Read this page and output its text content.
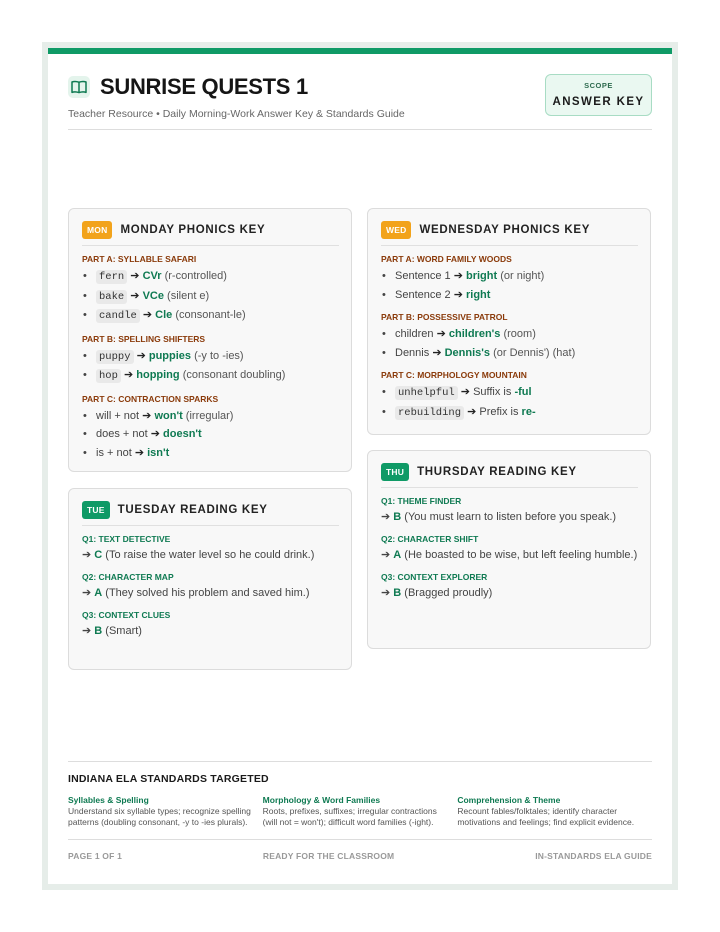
SUNRISE QUESTS 1
Teacher Resource • Daily Morning-Work Answer Key & Standards Guide
SCOPE
ANSWER KEY
MON	MONDAY PHONICS KEY
PART A: SYLLABLE SAFARI
• fern ➔ CVr (r-controlled)
• bake ➔ VCe (silent e)
• candle ➔ Cle (consonant-le)
PART B: SPELLING SHIFTERS
• puppy ➔ puppies (-y to -ies)
• hop ➔ hopping (consonant doubling)
PART C: CONTRACTION SPARKS
• will + not ➔ won't (irregular)
• does + not ➔ doesn't
• is + not ➔ isn't
TUE	TUESDAY READING KEY
Q1: TEXT DETECTIVE
➔ C (To raise the water level so he could drink.)
Q2: CHARACTER MAP
➔ A (They solved his problem and saved him.)
Q3: CONTEXT CLUES
➔ B (Smart)
WED	WEDNESDAY PHONICS KEY
PART A: WORD FAMILY WOODS
• Sentence 1 ➔ bright (or night)
• Sentence 2 ➔ right
PART B: POSSESSIVE PATROL
• children ➔ children's (room)
• Dennis ➔ Dennis's (or Dennis') (hat)
PART C: MORPHOLOGY MOUNTAIN
• unhelpful ➔ Suffix is -ful
• rebuilding ➔ Prefix is re-
THU	THURSDAY READING KEY
Q1: THEME FINDER
➔ B (You must learn to listen before you speak.)
Q2: CHARACTER SHIFT
➔ A (He boasted to be wise, but left feeling humble.)
Q3: CONTEXT EXPLORER
➔ B (Bragged proudly)
INDIANA ELA STANDARDS TARGETED
Syllables & Spelling
Understand six syllable types; recognize spelling patterns (doubling consonant, -y to -ies plurals).
Morphology & Word Families
Roots, prefixes, suffixes; irregular contractions (will not = won't); difficult word families (-ight).
Comprehension & Theme
Recount fables/folktales; identify character motivations and feelings; find explicit evidence.
PAGE 1 OF 1	READY FOR THE CLASSROOM	IN-STANDARDS ELA GUIDE
